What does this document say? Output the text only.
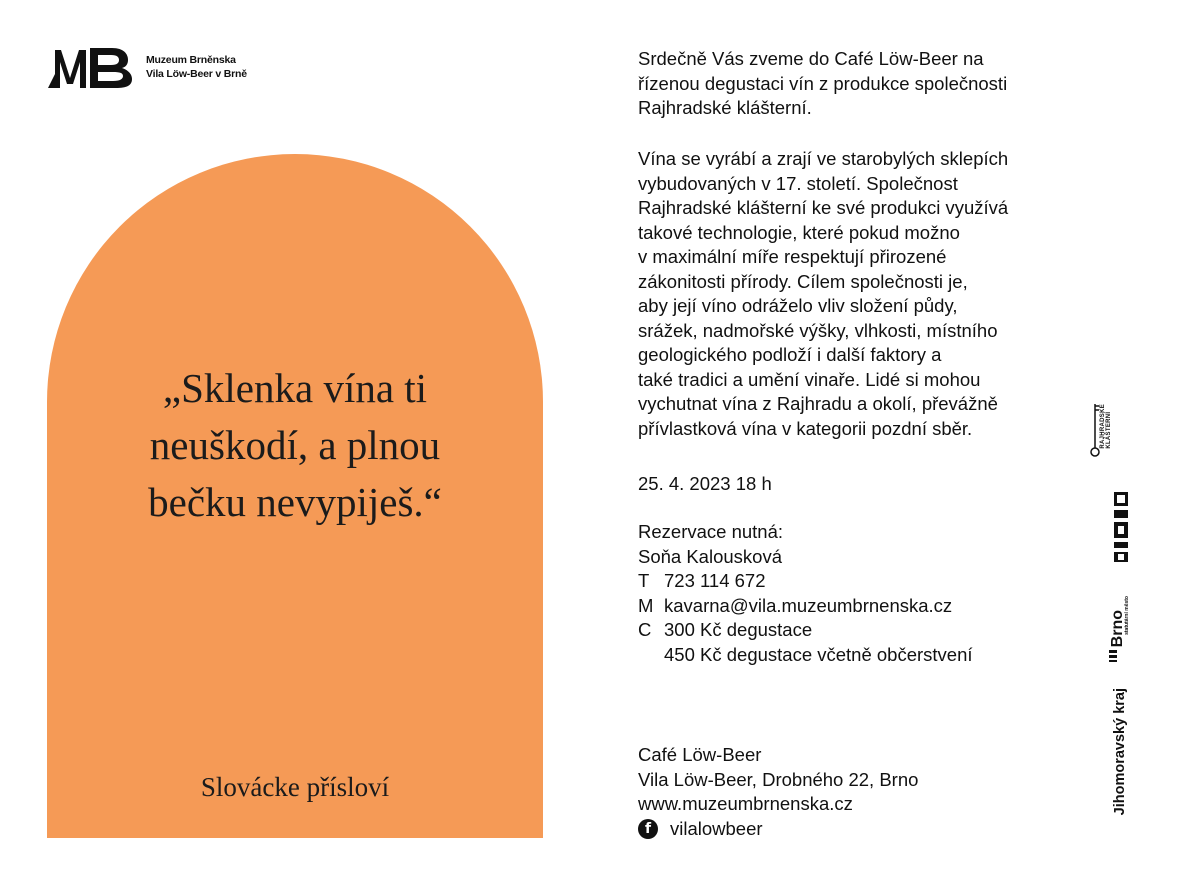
Muzeum Brněnska
Vila Löw-Beer v Brně
„Sklenka vína ti
neuškodí, a plnou
bečku nevypiješ.“
Slovácke přísloví

Srdečně Vás zveme do Café Löw-Beer na

řízenou degustaci vín z produkce společnosti

Rajhradské klášterní.

Vína se vyrábí a zrají ve starobylých sklepích

vybudovaných v 17. století. Společnost

Rajhradské klášterní ke své produkci využívá

takové technologie, které pokud možno

v maximální míře respektují přirozené

zákonitosti přírody. Cílem společnosti je,

aby její víno odráželo vliv složení půdy,

srážek, nadmořské výšky, vlhkosti, místního

geologického podloží i další faktory a

také tradici a umění vinaře. Lidé si mohou

vychutnat vína z Rajhradu a okolí, převážně

přívlastková vína v kategorii pozdní sběr.

25. 4. 2023 18 h

Rezervace nutná:

Soňa Kalousková

T 723 114 672
M kavarna@vila.muzeumbrnenska.cz
C 300 Kč degustace

450 Kč degustace včetně občerstvení

Café Löw-Beer

Vila Löw-Beer, Drobného 22, Brno

www.muzeumbrnenska.cz

f	vilalowbeer
RAJHRADSKÉ
KLÁŠTERNÍ
Brno
statutární město
Jihomoravský kraj
